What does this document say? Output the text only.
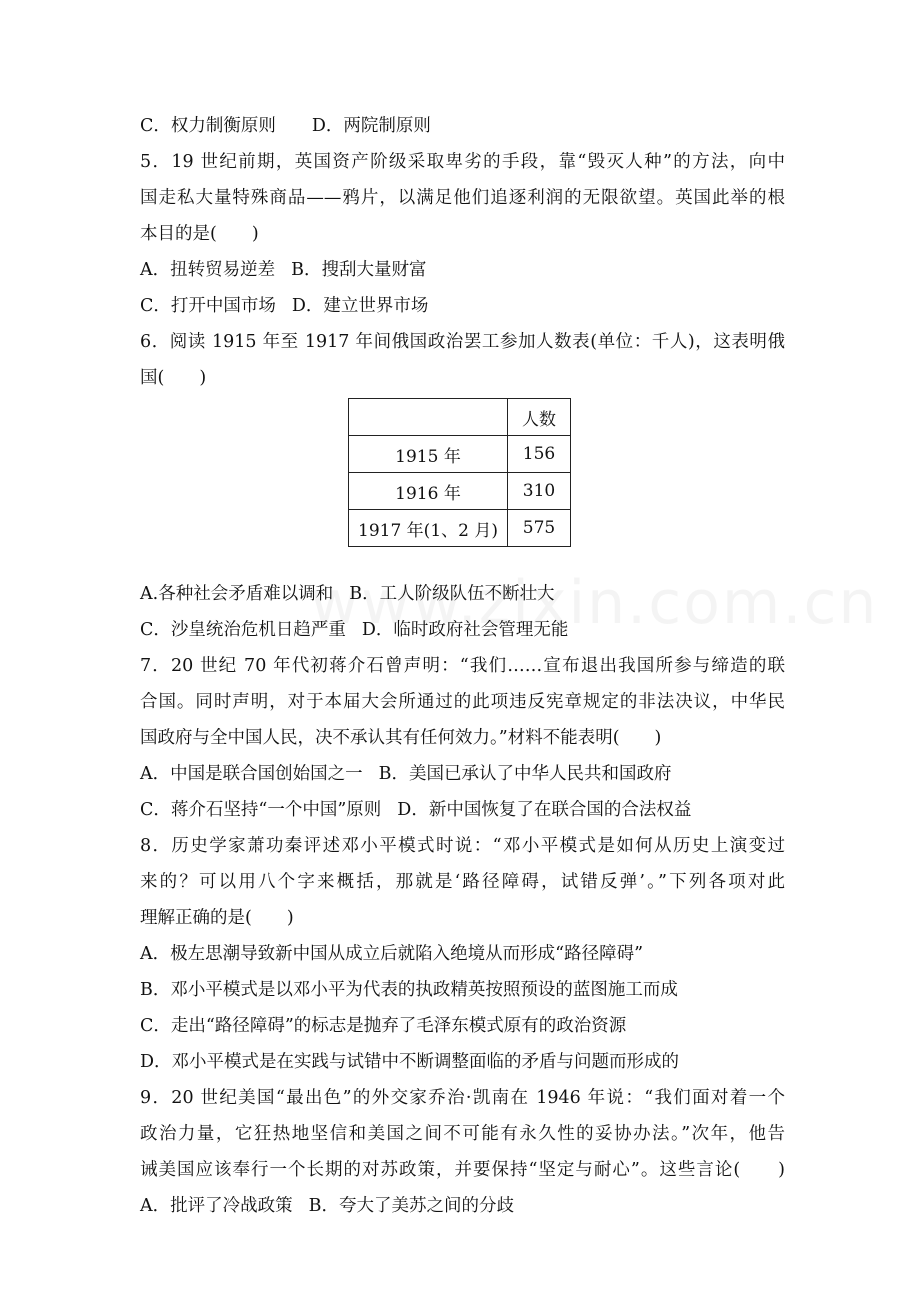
C．权力制衡原则 D．两院制原则
5．19 世纪前期，英国资产阶级采取卑劣的手段，靠“毁灭人种”的方法，向中
国走私大量特殊商品——鸦片，以满足他们追逐利润的无限欲望。英国此举的根
本目的是(　　)
A．扭转贸易逆差 B．搜刮大量财富
C．打开中国市场 D．建立世界市场
6．阅读 1915 年至 1917 年间俄国政治罢工参加人数表(单位：千人)，这表明俄
国(　　)
A.各种社会矛盾难以调和 B．工人阶级队伍不断壮大
C．沙皇统治危机日趋严重 D．临时政府社会管理无能
7．20 世纪 70 年代初蒋介石曾声明：“我们……宣布退出我国所参与缔造的联
合国。同时声明，对于本届大会所通过的此项违反宪章规定的非法决议，中华民
国政府与全中国人民，决不承认其有任何效力。”材料不能表明(　　)
A．中国是联合国创始国之一 B．美国已承认了中华人民共和国政府
C．蒋介石坚持“一个中国”原则 D．新中国恢复了在联合国的合法权益
8．历史学家萧功秦评述邓小平模式时说：“邓小平模式是如何从历史上演变过
来的？可以用八个字来概括，那就是‘路径障碍，试错反弹’。”下列各项对此
理解正确的是(　　)
A．极左思潮导致新中国从成立后就陷入绝境从而形成“路径障碍”
B．邓小平模式是以邓小平为代表的执政精英按照预设的蓝图施工而成
C．走出“路径障碍”的标志是抛弃了毛泽东模式原有的政治资源
D．邓小平模式是在实践与试错中不断调整面临的矛盾与问题而形成的
9．20 世纪美国“最出色”的外交家乔治·凯南在 1946 年说：“我们面对着一个
政治力量，它狂热地坚信和美国之间不可能有永久性的妥协办法。”次年，他告
诫美国应该奉行一个长期的对苏政策，并要保持“坚定与耐心”。这些言论(　　)
A．批评了冷战政策 B．夸大了美苏之间的分歧
	人数
1915 年	156
1916 年	310
1917 年(1、2 月)	575
